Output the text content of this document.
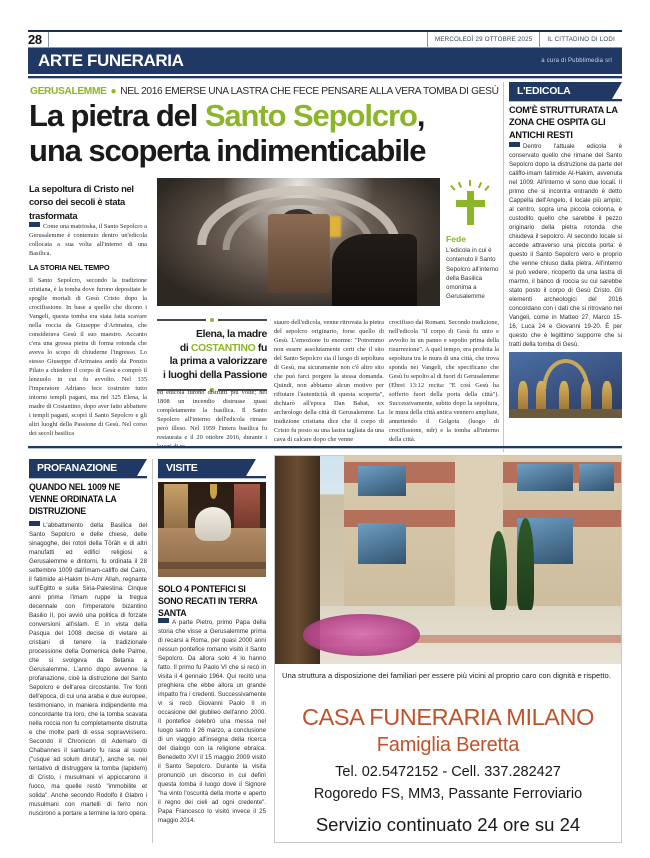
28	MERCOLEDÌ 29 OTTOBRE 2025	IL CITTADINO DI LODI
ARTE FUNERARIA	a cura di Pubblimedia srl
GERUSALEMME ● NEL 2016 EMERSE UNA LASTRA CHE FECE PENSARE ALLA VERA TOMBA DI GESÙ
La pietra del Santo Sepolcro,
una scoperta indimenticabile
La sepoltura di Cristo nel corso dei secoli è stata trasformata

Come una matrioska, il Santo Sepolcro a Gerusalemme è contenuto dentro un'edicola collocata a sua volta all'interno di una Basilica.

LA STORIA NEL TEMPO

Il Santo Sepolcro, secondo la tradizione cristiana, è la tomba dove furono depositate le spoglie mortali di Gesù Cristo dopo la crocifissione. In base a quello che dicono i Vangeli, questa tomba era stata fatta scavare nella roccia da Giuseppe d'Arimatea, che considerava Gesù il suo maestro. Accanto c'era una grossa pietra di forma rotonda che aveva lo scopo di chiuderne l'ingresso. Lo stesso Giuseppe d'Arimatea andò da Ponzio Pilato a chiedere il corpo di Gesù e comprò il lenzuolo in cui fu avvolto. Nel 135 l'imperatore Adriano fece costruire tutto intorno templi pagani, ma nel 325 Elena, la madre di Costantino, dopo aver fatto abbattere i templi pagani, scoprì il Santo Sepolcro e gli altri luoghi della Passione di Gesù. Nel corso dei secoli basilica

Fede
L'edicola in cui è contenuto il Santo Sepolcro all'interno della Basilica omonima a Gerusalemme
Elena, la madre
di COSTANTINO fu
la prima a valorizzare
i luoghi della Passione
ed edicola furono distrutti più volte; nel 1808 un incendio distrusse quasi completamente la basilica. Il Santo Sepolcro all'interno dell'edicola rimase però illeso. Nel 1959 l'intera basilica fu restaurata e il 20 ottobre 2016, durante i lavori di re-
stauro dell'edicola, venne ritrovata la pietra del sepolcro originario, forse quello di Gesù. L'emozione fu enorme: "Potremmo non essere assolutamente certi che il sito del Santo Sepolcro sia il luogo di sepoltura di Gesù, ma sicuramente non c'è altro sito che può farci porgere la stessa domanda. Quindi, non abbiamo alcun motivo per rifiutare l'autenticità di questa scoperta", dichiarò all'epoca Dan Bahat, ex archeologo della città di Gerusalemme. La tradizione cristiana dice che il corpo di Cristo fu posto su una lastra tagliata da una cava di calcare dopo che venne
crocifisso dai Romani. Secondo tradizione, nell'edicola "il corpo di Gesù fu unto e avvolto in un panno e sepolto prima della risurrezione". A quel tempo, era proibita la sepoltura tra le mura di una città, che trova sponda nei Vangeli, che specificano che Gesù fu sepolto al di fuori di Gerusalemme (Ebrei 13:12 recita: "E così Gesù ha sofferto fuori della porta della città"). Successivamente, subito dopo la sepoltura, le mura della città antica vennero ampliate, annettendo il Golgota (luogo di crocifissione, ndr) e la tomba all'interno della città.
L'EDICOLA
COM'È STRUTTURATA LA ZONA CHE OSPITA GLI ANTICHI RESTI
Dentro l'attuale edicola è conservato quello che rimane del Santo Sepolcro dopo la distruzione da parte del califfo-imam fatimide Al-Hakim, avvenuta nel 1009. All'interno vi sono due locali. Il primo che si incontra entrando è detto Cappella dell'Angelo, il locale più ampio; al centro, sopra una piccola colonna, è custodito quello che sarebbe il pezzo originario della pietra rotonda che chiudeva il sepolcro. Al secondo locale si accede attraverso una piccola porta: è questo il Santo Sepolcro vero e proprio che venne chiuso dalla pietra. All'interno si può vedere, ricoperto da una lastra di marmo, il banco di roccia su cui sarebbe stato posto il corpo di Gesù Cristo. Gli elementi archeologici del 2016 concordano con i dati che si ritrovano nei Vangeli, come in Matteo 27, Marco 15-16, Luca 24 e Giovanni 19-20. È per questo che è legittimo supporre che si tratti della tomba di Gesù.
PROFANAZIONE
QUANDO NEL 1009 NE VENNE ORDINATA LA DISTRUZIONE
L'abbattimento della Basilica del Santo Sepolcro e delle chiese, delle sinagoghe, dei rotoli della Tōrāh e di altri manufatti ed edifici religiosi a Gerusalemme e dintorni, fu ordinata il 28 settembre 1009 dall'imam-califfo del Cairo, il fatimide al-Hakim bi-Amr Allah, regnante sull'Egitto e sulla Siria-Palestina. Cinque anni prima l'imam ruppe la tregua decennale con l'imperatore bizantino Basilio II, poi avviò una politica di forzate conversioni all'islam. E in vista della Pasqua del 1008 decise di vietare ai cristiani di tenere la tradizionale processione della Domenica delle Palme, che si svolgeva da Betania a Gerusalemme. L'anno dopo avvenne la profanazione, cioè la distruzione del Santo Sepolcro e dell'area circostante. Tre fonti dell'epoca, di cui una araba e due europee, testimoniano, in maniera indipendente ma concordante tra loro, che la tomba scavata nella roccia non fu completamente distrutta e che molte parti di essa sopravvissero. Secondo il Chronicon di Ademaro di Chabannes il santuario fu rasa al suolo ("usque ad solum diruta"), anche se, nel tentativo di distruggere la tomba (lapidem) di Cristo, i musulmani vi appiccarono il fuoco, ma quelle restò "immobilite et solida". Anche secondo Rodolfo il Glabro i musulmani con martelli di ferro non riuscirono a portare a termine la loro opera.
VISITE
SOLO 4 PONTEFICI SI SONO RECATI IN TERRA SANTA
A parte Pietro, primo Papa della storia che visse a Gerusalemme prima di recarsi a Roma, per quasi 2000 anni nessun pontefice romano visitò il Santo Sepolcro. Da allora solo 4 lo hanno fatto. Il primo fu Paolo VI che si recò in visita il 4 gennaio 1964. Qui recitò una preghiera che ebbe allora un grande impatto fra i credenti. Successivamente vi si recò Giovanni Paolo II in occasione del giubileo dell'anno 2000. Il pontefice celebrò una messa nel luogo santo il 26 marzo, a conclusione di un viaggio all'insegna della ricerca del dialogo con la religione ebraica. Benedetto XVI il 15 maggio 2009 visitò il Santo Sepolcro. Durante la visita pronunciò un discorso in cui definì questa tomba il luogo dove il Signore "ha vinto l'oscurità della morte e aperto il regno dei cieli ad ogni credente". Papa Francesco lo visitò invece il 25 maggio 2014.
Una struttura a disposizione dei familiari per essere più vicini al proprio caro con dignità e rispetto.
CASA FUNERARIA MILANO
Famiglia Beretta
Tel. 02.5472152 - Cell. 337.282427
Rogoredo FS, MM3, Passante Ferroviario
Servizio continuato 24 ore su 24
